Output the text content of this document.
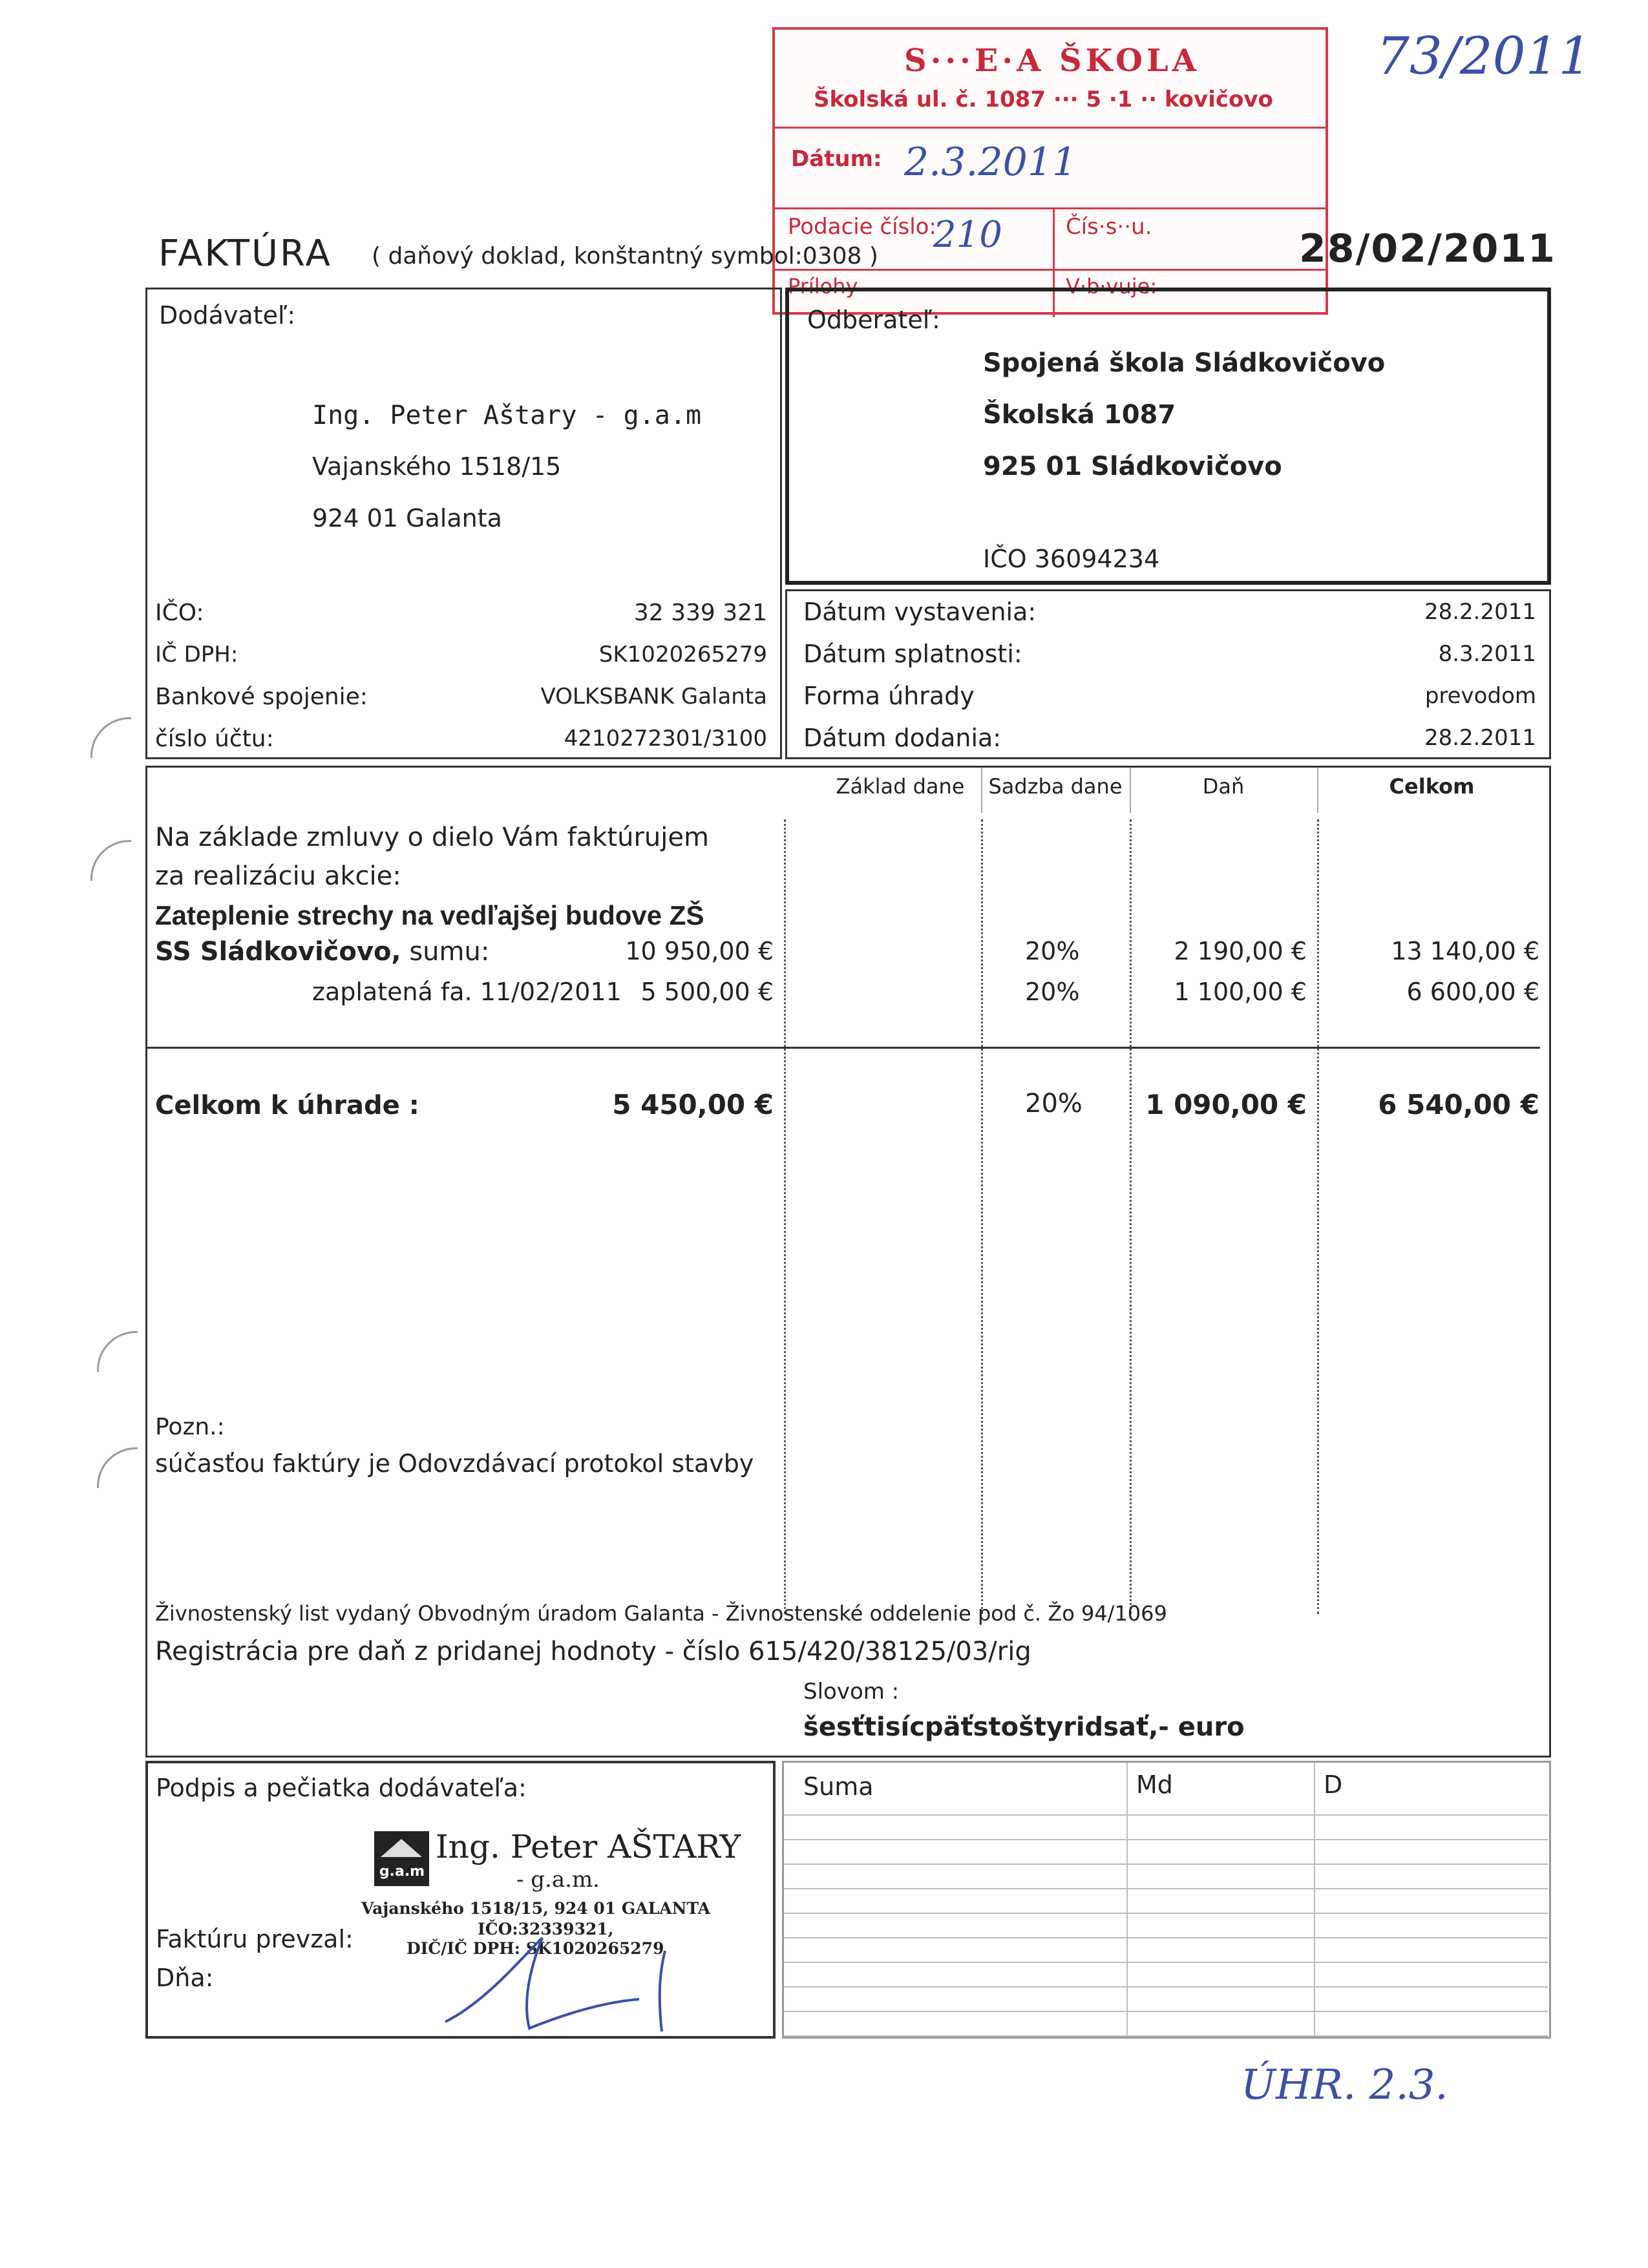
73/2011
S···E·A ŠKOLA
Školská ul. č. 1087 ··· 5 ·1 ·· kovičovo
Dátum: 2.3.2011
Podacie číslo:
210	Čís·s··u.
Prílohy	V·b·vuje:
FAKTÚRA ( daňový doklad, konštantný symbol:0308 )	28/02/2011
Dodávateľ:
Ing. Peter Aštary - g.a.m
Vajanského 1518/15
924 01 Galanta
IČO:	32 339 321
IČ DPH:	SK1020265279
Bankové spojenie:	VOLKSBANK Galanta
číslo účtu:	4210272301/3100
Odberateľ:
Spojená škola Sládkovičovo
Školská 1087
925 01 Sládkovičovo
IČO 36094234
Dátum vystavenia:	28.2.2011
Dátum splatnosti:	8.3.2011
Forma úhrady	prevodom
Dátum dodania:	28.2.2011
Základ dane	Sadzba dane	Daň	Celkom
Na základe zmluvy o dielo Vám faktúrujem
za realizáciu akcie:
Zateplenie strechy na vedľajšej budove ZŠ
SS Sládkovičovo, sumu:	10 950,00 €	20%	2 190,00 €	13 140,00 €
zaplatená fa. 11/02/2011 5 500,00 €	20%	1 100,00 €	6 600,00 €
Celkom k úhrade :	5 450,00 €	20% 1 090,00 €	6 540,00 €
Pozn.:
súčasťou faktúry je Odovzdávací protokol stavby
Živnostenský list vydaný Obvodným úradom Galanta - Živnostenské oddelenie pod č. Žo 94/1069
Registrácia pre daň z pridanej hodnoty - číslo 615/420/38125/03/rig
Slovom :
šesťtisícpäťstoštyridsať,- euro
Podpis a pečiatka dodávateľa:
g.a.m
Ing. Peter AŠTARY
- g.a.m.
Vajanského 1518/15, 924 01 GALANTA
IČO:32339321,
DIČ/IČ DPH: SK1020265279
Faktúru prevzal:
Dňa:
Suma	Md	D
ÚHR. 2.3.
